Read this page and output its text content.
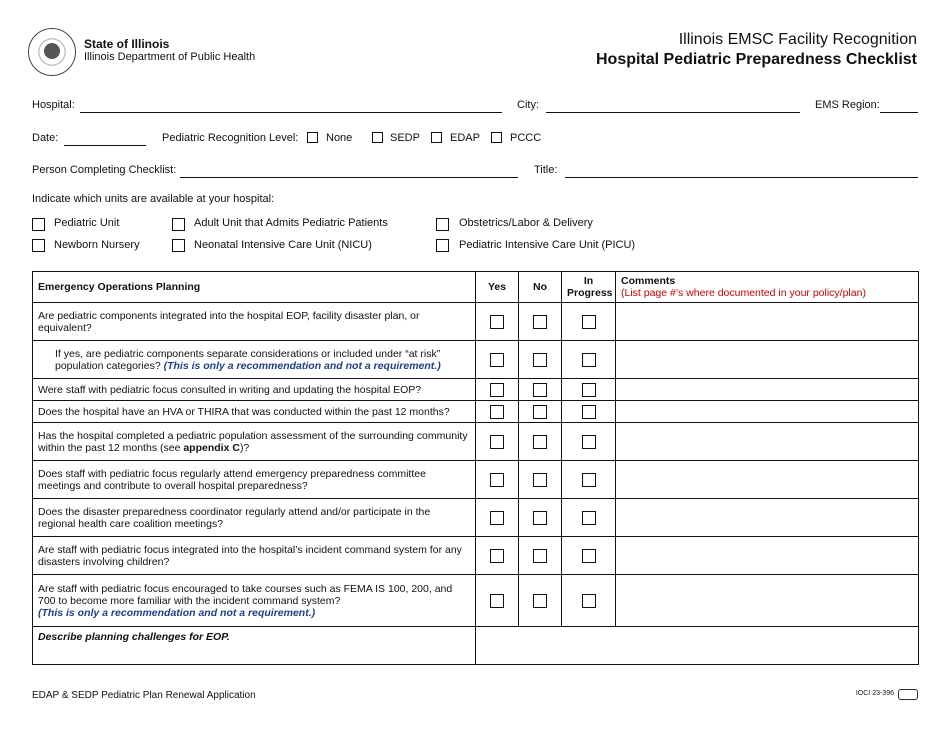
State of Illinois
Illinois Department of Public Health
Illinois EMSC Facility Recognition
Hospital Pediatric Preparedness Checklist
Hospital:	City:	EMS Region:
Date:	Pediatric Recognition Level:	None	SEDP	EDAP	PCCC
Person Completing Checklist:	Title:
Indicate which units are available at your hospital:
Pediatric Unit	Adult Unit that Admits Pediatric Patients	Obstetrics/Labor & Delivery
Newborn Nursery	Neonatal Intensive Care Unit (NICU)	Pediatric Intensive Care Unit (PICU)
Emergency Operations Planning	Yes	No	In
Progress	Comments
(List page #’s where documented in your policy/plan)
Are pediatric components integrated into the hospital EOP, facility disaster plan, or equivalent?				
If yes, are pediatric components separate considerations or included under “at risk” population categories? (This is only a recommendation and not a requirement.)				
Were staff with pediatric focus consulted in writing and updating the hospital EOP?				
Does the hospital have an HVA or THIRA that was conducted within the past 12 months?				
Has the hospital completed a pediatric population assessment of the surrounding community within the past 12 months (see appendix C)?				
Does staff with pediatric focus regularly attend emergency preparedness committee meetings and contribute to overall hospital preparedness?				
Does the disaster preparedness coordinator regularly attend and/or participate in the regional health care coalition meetings?				
Are staff with pediatric focus integrated into the hospital’s incident command system for any disasters involving children?				
Are staff with pediatric focus encouraged to take courses such as FEMA IS 100, 200, and 700 to become more familiar with the incident command system?
(This is only a recommendation and not a requirement.)				
Describe planning challenges for EOP.				
EDAP & SEDP Pediatric Plan Renewal Application	IOCI 23-396
